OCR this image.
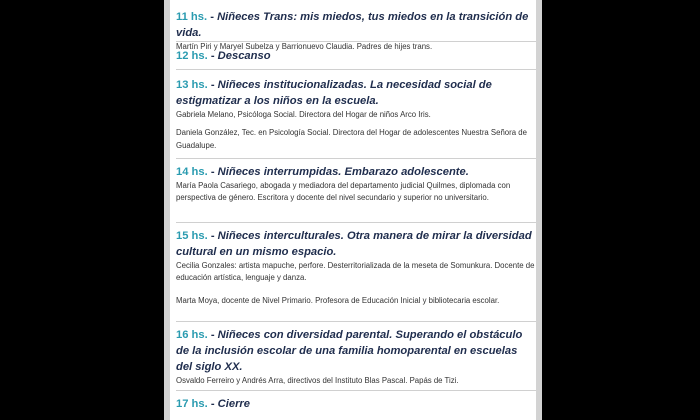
11 hs. - Niñeces Trans: mis miedos, tus miedos en la transición de vida.

Martín Piri y Maryel Subelza y Barrionuevo Claudia. Padres de hijes trans.

12 hs. - Descanso

13 hs. - Niñeces institucionalizadas. La necesidad social de estigmatizar a los niños en la escuela.

Gabriela Melano, Psicóloga Social. Directora del Hogar de niños Arco Iris.

Daniela González, Tec. en Psicología Social. Directora del Hogar de adolescentes Nuestra Señora de Guadalupe.

14 hs. - Niñeces interrumpidas. Embarazo adolescente.

María Paola Casariego, abogada y mediadora del departamento judicial Quilmes, diplomada con perspectiva de género. Escritora y docente del nivel secundario y superior no universitario.

15 hs. - Niñeces interculturales. Otra manera de mirar la diversidad cultural en un mismo espacio.

Cecilia Gonzales: artista mapuche, perfore. Desterritorializada de la meseta de Somunkura. Docente de educación artística, lenguaje y danza.

Marta Moya, docente de Nivel Primario. Profesora de Educación Inicial y bibliotecaria escolar.

16 hs. - Niñeces con diversidad parental. Superando el obstáculo de la inclusión escolar de una familia homoparental en escuelas del siglo XX.

Osvaldo Ferreiro y Andrés Arra, directivos del Instituto Blas Pascal. Papás de Tizi.

17 hs. - Cierre
